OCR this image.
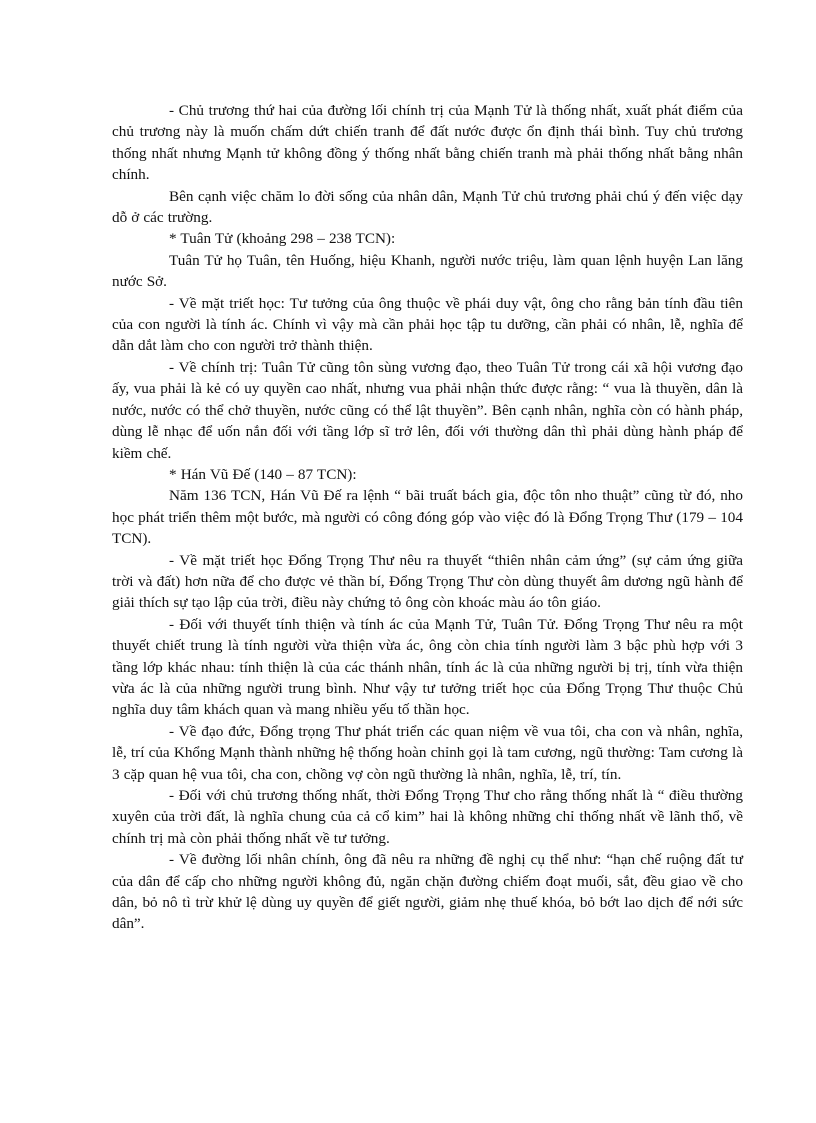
- Chủ trương thứ hai của đường lối chính trị của Mạnh Tử là thống nhất, xuất phát điểm của chủ trương này là muốn chấm dứt chiến tranh để đất nước được ổn định thái bình. Tuy chủ trương thống nhất nhưng Mạnh tử không đồng ý thống nhất bằng chiến tranh mà phải thống nhất bằng nhân chính.

Bên cạnh việc chăm lo đời sống của nhân dân, Mạnh Tử chủ trương phải chú ý đến việc dạy dỗ ở các trường.

* Tuân Tử (khoảng 298 – 238 TCN):

Tuân Tử họ Tuân, tên Huống, hiệu Khanh, người nước triệu, làm quan lệnh huyện Lan lăng nước Sở.

- Về mặt triết học: Tư tưởng của ông thuộc về phái duy vật, ông cho rằng bản tính đầu tiên của con người là tính ác. Chính vì vậy mà cần phải học tập tu dưỡng, cần phải có nhân, lễ, nghĩa để dẫn dắt làm cho con người trở thành thiện.

- Về chính trị: Tuân Tử cũng tôn sùng vương đạo, theo Tuân Tử trong cái xã hội vương đạo ấy, vua phải là kẻ có uy quyền cao nhất, nhưng vua phải nhận thức được rằng: “ vua là thuyền, dân là nước, nước có thể chở thuyền, nước cũng có thể lật thuyền”. Bên cạnh nhân, nghĩa còn có hành pháp, dùng lễ nhạc để uốn nắn đối với tầng lớp sĩ trở lên, đối với thường dân thì phải dùng hành pháp để kiềm chế.

* Hán Vũ Đế (140 – 87 TCN):

Năm 136 TCN, Hán Vũ Đế ra lệnh “ bãi truất bách gia, độc tôn nho thuật” cũng từ đó, nho học phát triển thêm một bước, mà người có công đóng góp vào việc đó là Đổng Trọng Thư (179 – 104 TCN).

- Về mặt triết học Đổng Trọng Thư nêu ra thuyết “thiên nhân cảm ứng” (sự cảm ứng giữa trời và đất) hơn nữa để cho được vẻ thần bí, Đổng Trọng Thư còn dùng thuyết âm dương ngũ hành để giải thích sự tạo lập của trời, điều này chứng tỏ ông còn khoác màu áo tôn giáo.

- Đối với thuyết tính thiện và tính ác của Mạnh Tử, Tuân Tử. Đổng Trọng Thư nêu ra một thuyết chiết trung là tính người vừa thiện vừa ác, ông còn chia tính người làm 3 bậc phù hợp với 3 tầng lớp khác nhau: tính thiện là của các thánh nhân, tính ác là của những người bị trị, tính vừa thiện vừa ác là của những người trung bình. Như vậy tư tưởng triết học của Đổng Trọng Thư thuộc Chủ nghĩa duy tâm khách quan và mang nhiều yếu tố thần học.

- Về đạo đức, Đổng trọng Thư phát triển các quan niệm về vua tôi, cha con và nhân, nghĩa, lễ, trí của Khổng Mạnh thành những hệ thống hoàn chỉnh gọi là tam cương, ngũ thường: Tam cương là 3 cặp quan hệ vua tôi, cha con, chồng vợ còn ngũ thường là nhân, nghĩa, lễ, trí, tín.

- Đối với chủ trương thống nhất, thời Đổng Trọng Thư cho rằng thống nhất là “ điều thường xuyên của trời đất, là nghĩa chung của cả cổ kim” hai là không những chỉ thống nhất về lãnh thổ, về chính trị mà còn phải thống nhất về tư tưởng.

- Về đường lối nhân chính, ông đã nêu ra những đề nghị cụ thể như: “hạn chế ruộng đất tư của dân để cấp cho những người không đủ, ngăn chặn đường chiếm đoạt muối, sắt, đều giao về cho dân, bỏ nô tì trừ khử lệ dùng uy quyền để giết người, giảm nhẹ thuế khóa, bỏ bớt lao dịch để nới sức dân”.
